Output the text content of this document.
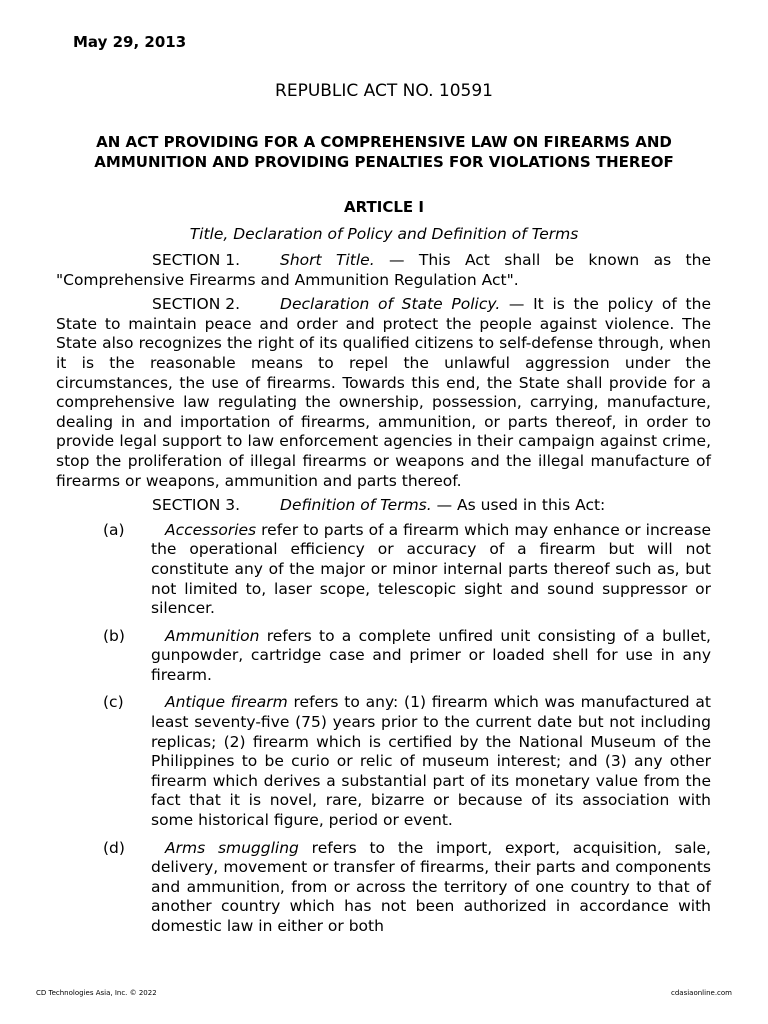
May 29, 2013
REPUBLIC ACT NO. 10591
AN ACT PROVIDING FOR A COMPREHENSIVE LAW ON FIREARMS AND AMMUNITION AND PROVIDING PENALTIES FOR VIOLATIONS THEREOF
ARTICLE I
Title, Declaration of Policy and Definition of Terms

SECTION 1.	Short Title. — This Act shall be known as the "Comprehensive Firearms and Ammunition Regulation Act".

SECTION 2.	Declaration of State Policy. — It is the policy of the State to maintain peace and order and protect the people against violence. The State also recognizes the right of its qualified citizens to self-defense through, when it is the reasonable means to repel the unlawful aggression under the circumstances, the use of firearms. Towards this end, the State shall provide for a comprehensive law regulating the ownership, possession, carrying, manufacture, dealing in and importation of firearms, ammunition, or parts thereof, in order to provide legal support to law enforcement agencies in their campaign against crime, stop the proliferation of illegal firearms or weapons and the illegal manufacture of firearms or weapons, ammunition and parts thereof.

SECTION 3.	Definition of Terms. — As used in this Act:

(a)	Accessories refer to parts of a firearm which may enhance or increase the operational efficiency or accuracy of a firearm but will not constitute any of the major or minor internal parts thereof such as, but not limited to, laser scope, telescopic sight and sound suppressor or silencer.

(b)	Ammunition refers to a complete unfired unit consisting of a bullet, gunpowder, cartridge case and primer or loaded shell for use in any firearm.

(c)	Antique firearm refers to any: (1) firearm which was manufactured at least seventy-five (75) years prior to the current date but not including replicas; (2) firearm which is certified by the National Museum of the Philippines to be curio or relic of museum interest; and (3) any other firearm which derives a substantial part of its monetary value from the fact that it is novel, rare, bizarre or because of its association with some historical figure, period or event.

(d)	Arms smuggling refers to the import, export, acquisition, sale, delivery, movement or transfer of firearms, their parts and components and ammunition, from or across the territory of one country to that of another country which has not been authorized in accordance with domestic law in either or both

CD Technologies Asia, Inc. © 2022	cdasiaonline.com
